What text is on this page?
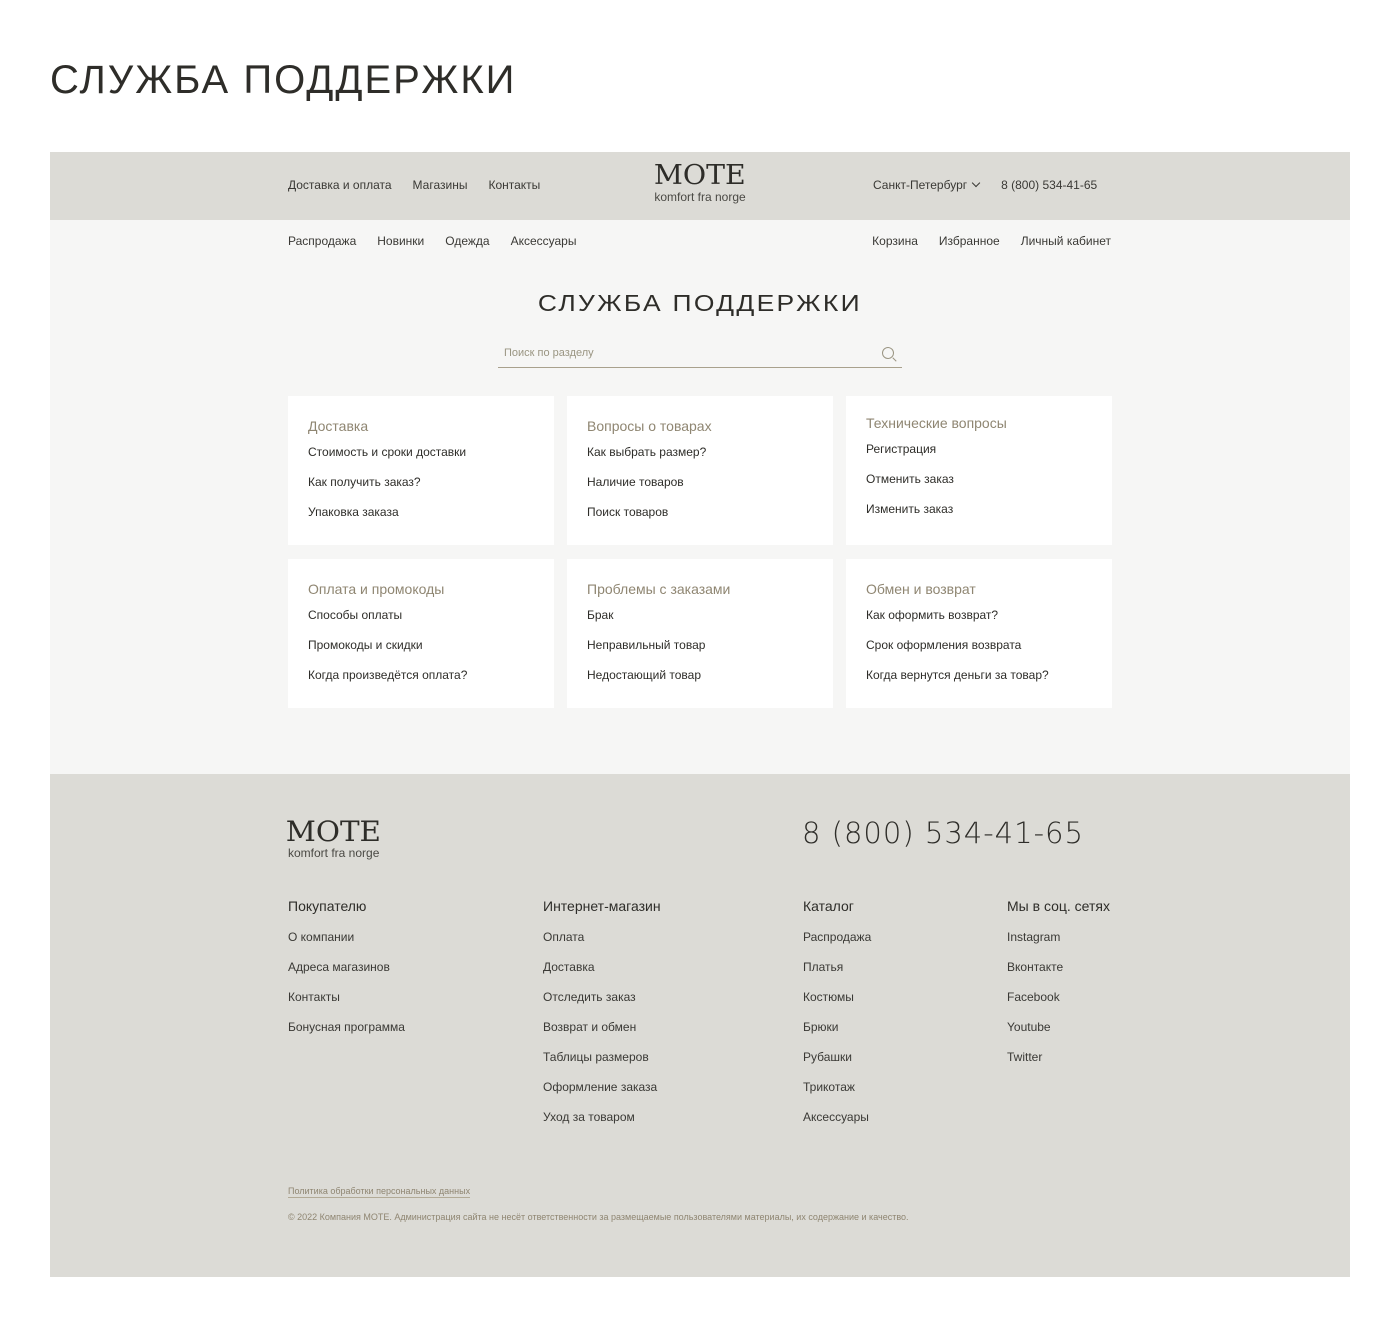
СЛУЖБА ПОДДЕРЖКИ
Доставка и оплата Магазины Контакты	MOTE
komfort fra norge
Санкт-Петербург	8 (800) 534-41-65
Распродажа Новинки Одежда Аксессуары	Корзина Избранное Личный кабинет
СЛУЖБА ПОДДЕРЖКИ
Поиск по разделу
Доставка
Стоимость и сроки доставки
Как получить заказ?
Упаковка заказа
Вопросы о товарах
Как выбрать размер?
Наличие товаров
Поиск товаров
Технические вопросы
Регистрация
Отменить заказ
Изменить заказ
Оплата и промокоды
Способы оплаты
Промокоды и скидки
Когда произведётся оплата?
Проблемы с заказами
Брак
Неправильный товар
Недостающий товар
Обмен и возврат
Как оформить возврат?
Срок оформления возврата
Когда вернутся деньги за товар?
MOTE
komfort fra norge
8 (800) 534-41-65
Покупателю
О компании
Адреса магазинов
Контакты
Бонусная программа
Интернет-магазин
Оплата
Доставка
Отследить заказ
Возврат и обмен
Таблицы размеров
Оформление заказа
Уход за товаром
Каталог
Распродажа
Платья
Костюмы
Брюки
Рубашки
Трикотаж
Аксессуары
Мы в соц. сетях
Instagram
Вконтакте
Facebook
Youtube
Twitter
Политика обработки персональных данных
© 2022 Компания MOTE. Администрация сайта не несёт ответственности за размещаемые пользователями материалы, их содержание и качество.
